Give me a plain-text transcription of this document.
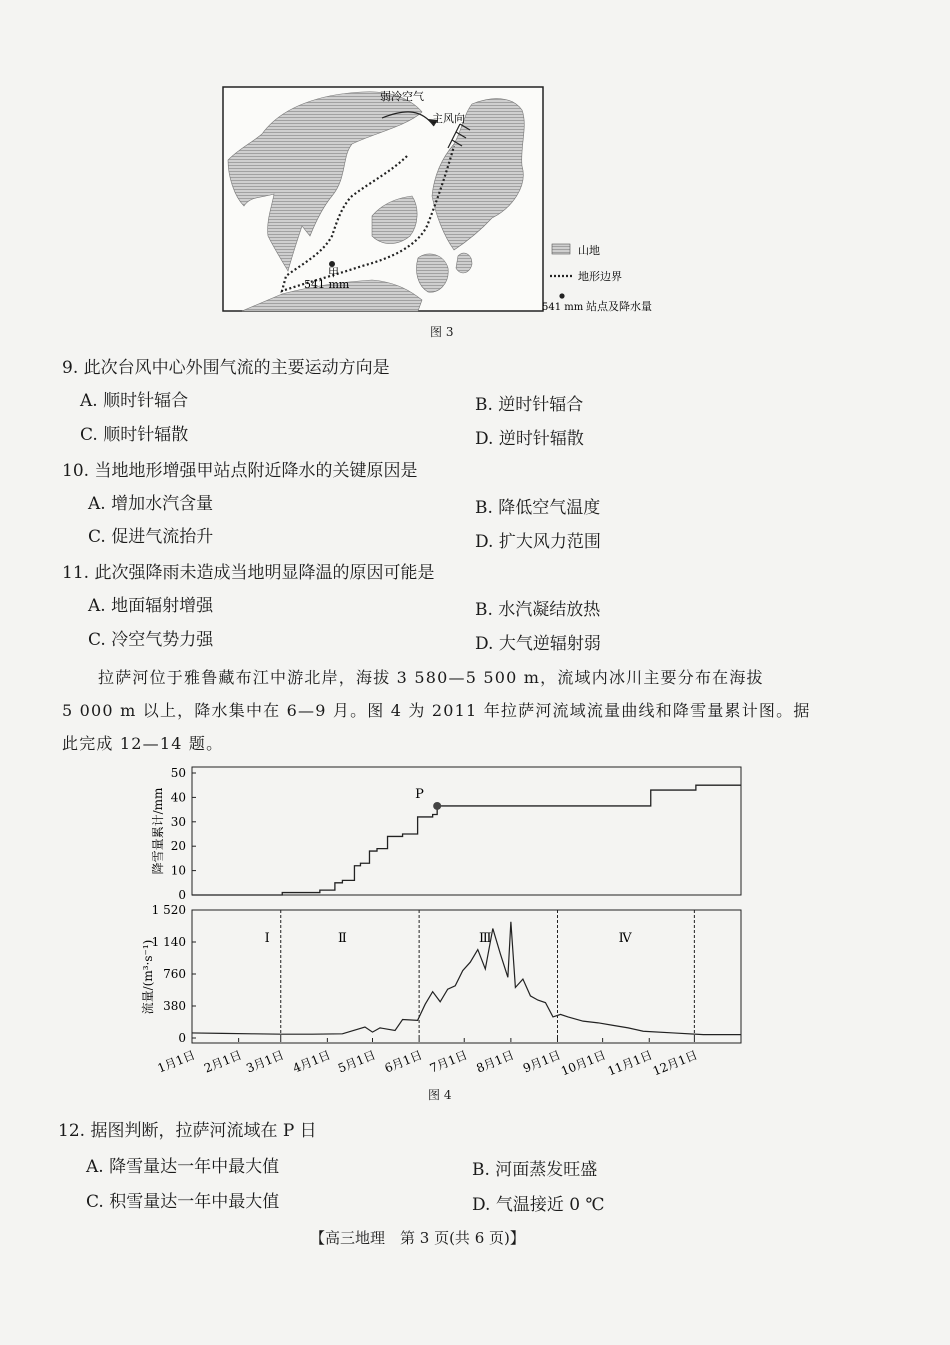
弱冷空气
主风向
甲
541 mm
山地
地形边界
541 mm 站点及降水量
图 3
9. 此次台风中心外围气流的主要运动方向是
A. 顺时针辐合	B. 逆时针辐合
C. 顺时针辐散	D. 逆时针辐散
10. 当地地形增强甲站点附近降水的关键原因是
A. 增加水汽含量	B. 降低空气温度
C. 促进气流抬升	D. 扩大风力范围
11. 此次强降雨未造成当地明显降温的原因可能是
A. 地面辐射增强	B. 水汽凝结放热
C. 冷空气势力强	D. 大气逆辐射弱
拉萨河位于雅鲁藏布江中游北岸，海拔 3 580—5 500 m，流域内冰川主要分布在海拔
5 000 m 以上，降水集中在 6—9 月。图 4 为 2011 年拉萨河流域流量曲线和降雪量累计图。据
此完成 12—14 题。
降雪量累计/mm
流量/(m³·s⁻¹)
50
40
30
20
10
0
1 520
1 140
760
380
0
Ⅰ	Ⅱ	Ⅲ	Ⅳ
1月1日 2月1日 3月1日 4月1日 5月1日 6月1日 7月1日 8月1日 9月1日
10月1日
11月1日
12月1日
P
图 4
12. 据图判断，拉萨河流域在 P 日
A. 降雪量达一年中最大值	B. 河面蒸发旺盛
C. 积雪量达一年中最大值	D. 气温接近 0 ℃
【高三地理　第 3 页(共 6 页)】
